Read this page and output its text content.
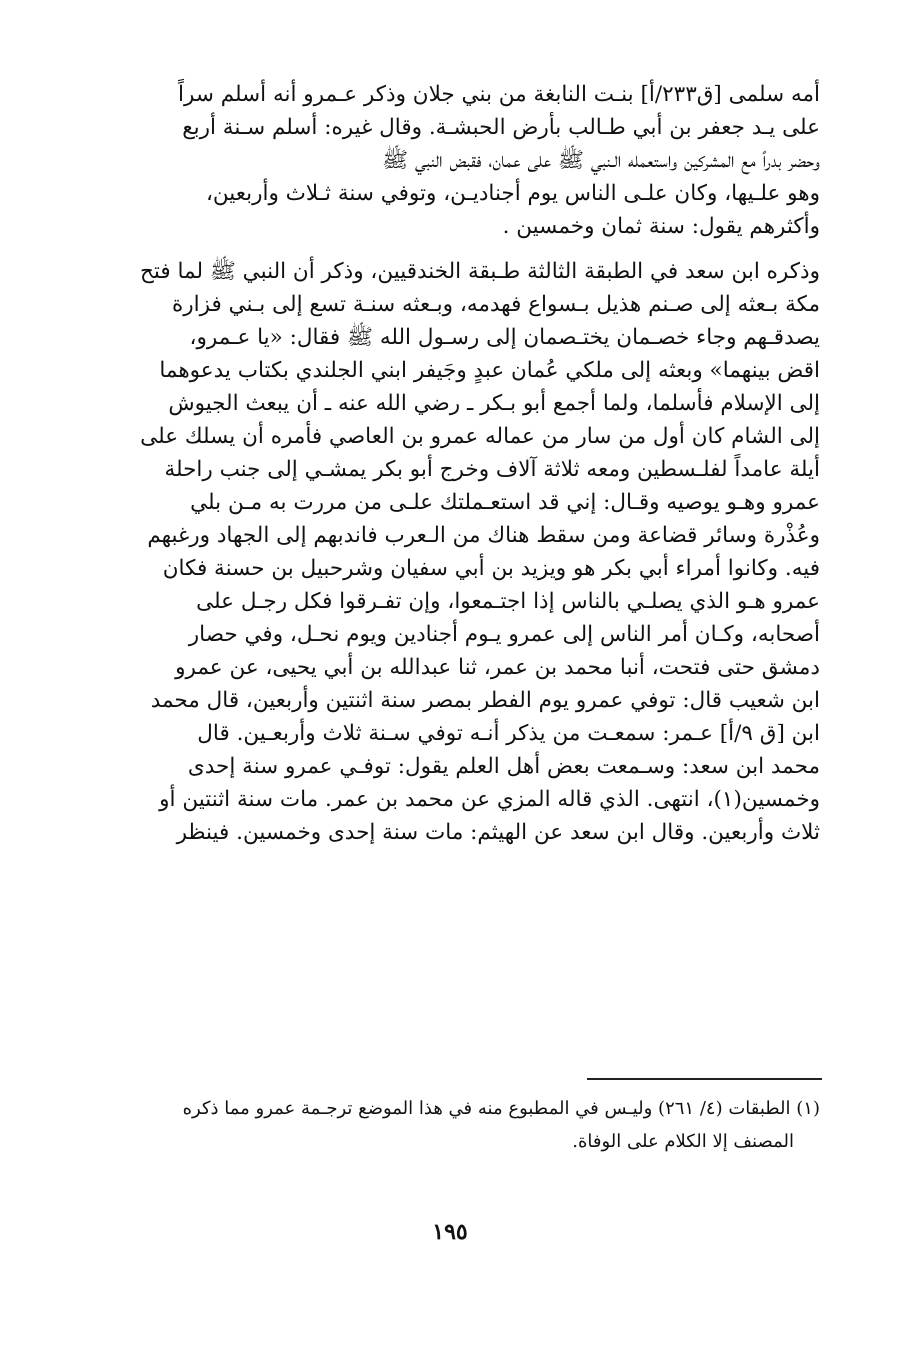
أمه سلمى [ق٢٣٣/أ] بنـت النابغة من بني جلان وذكر عـمرو أنه أسلم سراً
على يـد جعفر بن أبي طـالب بأرض الحبشـة. وقال غيره: أسلم سـنة أربع
وحضر بدراً مع المشركين واستعمله الـنبي ﷺ على عمان، فقبض النبي ﷺ
وهو علـيها، وكان علـى الناس يوم أجناديـن، وتوفي سنة ثـلاث وأربعين،
وأكثرهم يقول: سنة ثمان وخمسين .

وذكره ابن سعد في الطبقة الثالثة طـبقة الخندقيين، وذكر أن النبي ﷺ لما فتح
مكة بـعثه إلى صـنم هذيل بـسواع فهدمه، وبـعثه سنـة تسع إلى بـني فزارة
يصدقـهم وجاء خصـمان يختـصمان إلى رسـول الله ﷺ فقال: «يا عـمرو،
اقض بينهما» وبعثه إلى ملكي عُمان عبدٍ وجَيفر ابني الجلندي بكتاب يدعوهما
إلى الإسلام فأسلما، ولما أجمع أبو بـكر ـ رضي الله عنه ـ أن يبعث الجيوش
إلى الشام كان أول من سار من عماله عمرو بن العاصي فأمره أن يسلك على
أيلة عامداً لفلـسطين ومعه ثلاثة آلاف وخرج أبو بكر يمشـي إلى جنب راحلة
عمرو وهـو يوصيه وقـال: إني قد استعـملتك علـى من مررت به مـن بلي
وعُذْرة وسائر قضاعة ومن سقط هناك من الـعرب فاندبهم إلى الجهاد ورغبهم
فيه. وكانوا أمراء أبي بكر هو ويزيد بن أبي سفيان وشرحبيل بن حسنة فكان
عمرو هـو الذي يصلـي بالناس إذا اجتـمعوا، وإن تفـرقوا فكل رجـل على
أصحابه، وكـان أمر الناس إلى عمرو يـوم أجنادين ويوم نحـل، وفي حصار
دمشق حتى فتحت، أنبا محمد بن عمر، ثنا عبدالله بن أبي يحيى، عن عمرو
ابن شعيب قال: توفي عمرو يوم الفطر بمصر سنة اثنتين وأربعين، قال محمد
ابن [ق ٩/أ] عـمر: سمعـت من يذكر أنـه توفي سـنة ثلاث وأربعـين. قال
محمد ابن سعد: وسـمعت بعض أهل العلم يقول: توفـي عمرو سنة إحدى
وخمسين(١)، انتهى. الذي قاله المزي عن محمد بن عمر. مات سنة اثنتين أو
ثلاث وأربعين. وقال ابن سعد عن الهيثم: مات سنة إحدى وخمسين. فينظر

(١) الطبقات (٤/ ٢٦١) وليـس في المطبوع منه في هذا الموضع ترجـمة عمرو مما ذكره
المصنف إلا الكلام على الوفاة.
١٩٥
